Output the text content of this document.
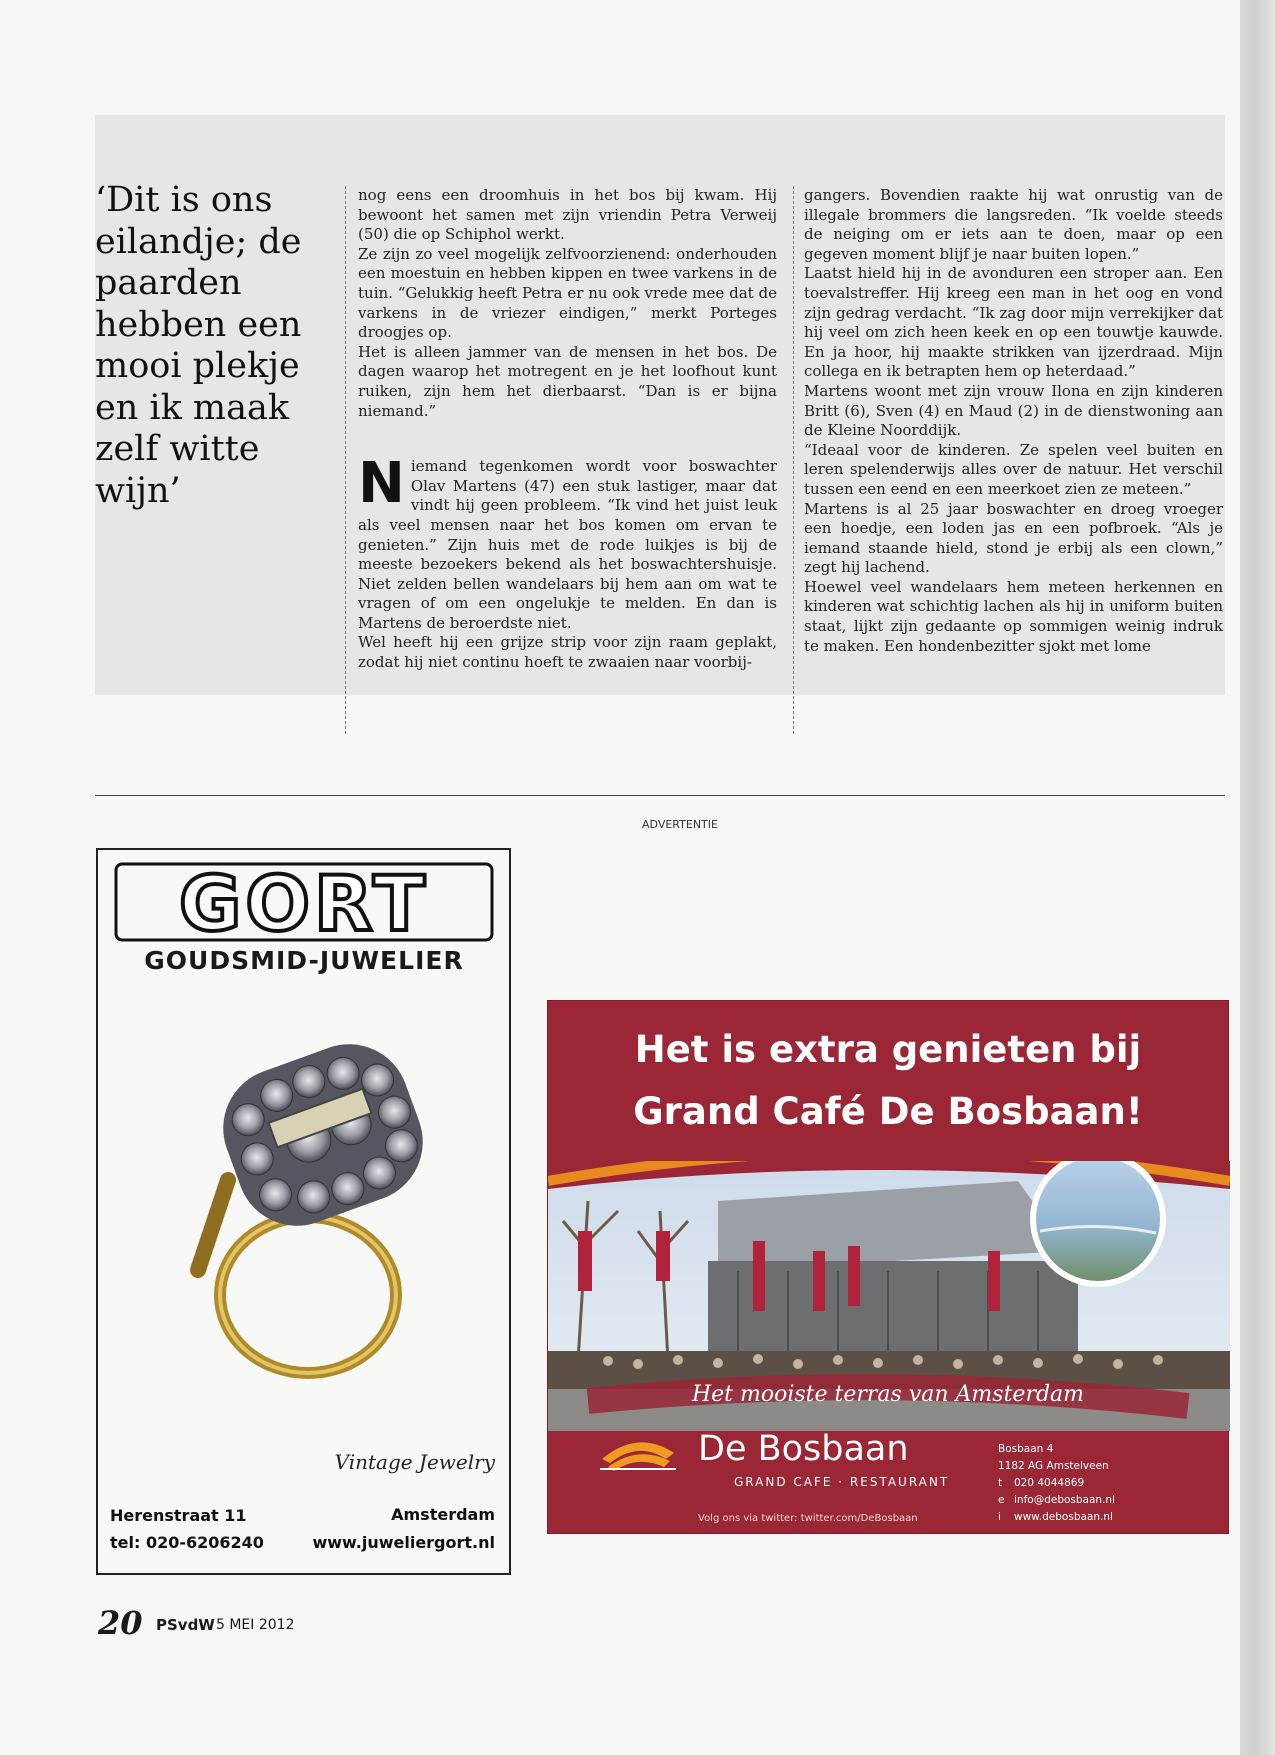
‘Dit is ons eilandje; de paarden hebben een mooi plekje en ik maak zelf witte wijn’

nog eens een droomhuis in het bos bij kwam. Hij bewoont het samen met zijn vriendin Petra Verweij (50) die op Schiphol werkt.

Ze zijn zo veel mogelijk zelfvoorzienend: onderhouden een moestuin en hebben kippen en twee varkens in de tuin. “Gelukkig heeft Petra er nu ook vrede mee dat de varkens in de vriezer eindigen,” merkt Porteges droogjes op.

Het is alleen jammer van de mensen in het bos. De dagen waarop het motregent en je het loofhout kunt ruiken, zijn hem het dierbaarst. “Dan is er bijna niemand.”

Niemand tegenkomen wordt voor boswachter Olav Martens (47) een stuk lastiger, maar dat vindt hij geen probleem. “Ik vind het juist leuk als veel mensen naar het bos komen om ervan te genieten.” Zijn huis met de rode luikjes is bij de meeste bezoekers bekend als het boswachtershuisje. Niet zelden bellen wandelaars bij hem aan om wat te vragen of om een ongelukje te melden. En dan is Martens de beroerdste niet.

Wel heeft hij een grijze strip voor zijn raam geplakt, zodat hij niet continu hoeft te zwaaien naar voorbij-

gangers. Bovendien raakte hij wat onrustig van de illegale brommers die langsreden. “Ik voelde steeds de neiging om er iets aan te doen, maar op een gegeven moment blijf je naar buiten lopen.”

Laatst hield hij in de avonduren een stroper aan. Een toevalstreffer. Hij kreeg een man in het oog en vond zijn gedrag verdacht. “Ik zag door mijn verrekijker dat hij veel om zich heen keek en op een touwtje kauwde. En ja hoor, hij maakte strikken van ijzerdraad. Mijn collega en ik betrapten hem op heterdaad.”

Martens woont met zijn vrouw Ilona en zijn kinderen Britt (6), Sven (4) en Maud (2) in de dienstwoning aan de Kleine Noorddijk.

“Ideaal voor de kinderen. Ze spelen veel buiten en leren spelenderwijs alles over de natuur. Het verschil tussen een eend en een meerkoet zien ze meteen.”

Martens is al 25 jaar boswachter en droeg vroeger een hoedje, een loden jas en een pofbroek. “Als je iemand staande hield, stond je erbij als een clown,” zegt hij lachend.

Hoewel veel wandelaars hem meteen herkennen en kinderen wat schichtig lachen als hij in uniform buiten staat, lijkt zijn gedaante op sommigen weinig indruk te maken. Een hondenbezitter sjokt met lome

ADVERTENTIE
GORT
GOUDSMID-JUWELIER
Vintage Jewelry
Herenstraat 11
tel: 020-6206240
Amsterdam
www.juweliergort.nl
Het is extra genieten bij
Grand Café De Bosbaan!
Het mooiste terras van Amsterdam
De Bosbaan
GRAND CAFE · RESTAURANT
Volg ons via twitter: twitter.com/DeBosbaan
Bosbaan 4
1182 AG Amstelveen
t 020 4044869
e info@debosbaan.nl
i www.debosbaan.nl
20 PSvdW 5 MEI 2012
